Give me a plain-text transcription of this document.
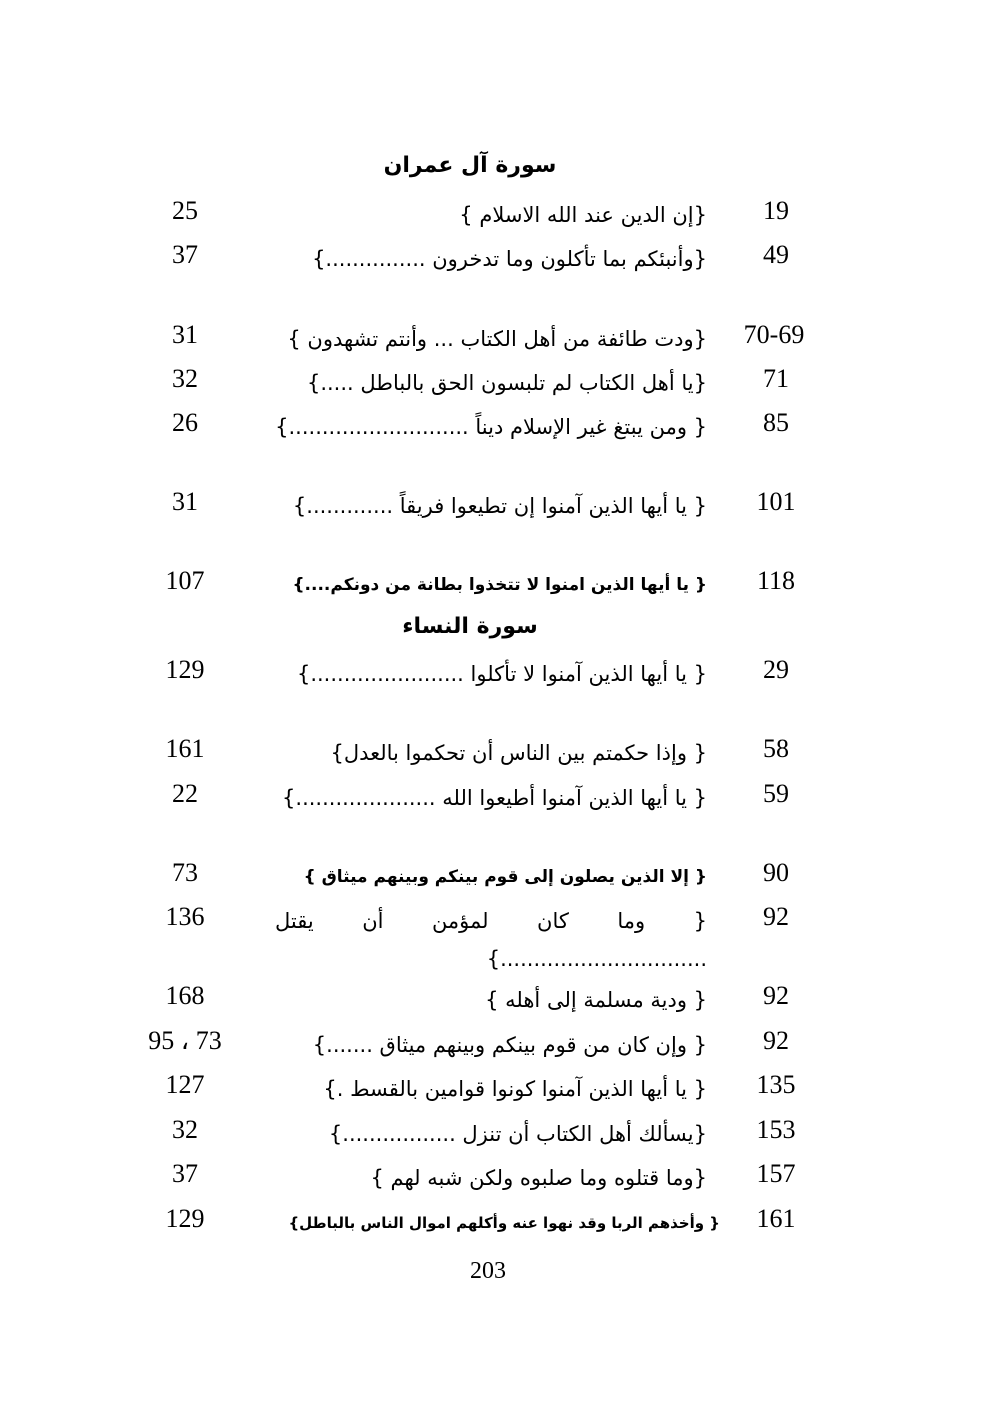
سورة آل عمران
19
{إن الدين عند الله الاسلام }
25
49
{وأنبئكم بما تأكلون وما تدخرون ...............}
37
70-69
{ودت طائفة من أهل الكتاب ... وأنتم تشهدون }
31
71
{يا أهل الكتاب لم تلبسون الحق بالباطل .....}
32
85
{ ومن يبتغ غير الإسلام ديناً ...........................}
26
101
{ يا أيها الذين آمنوا إن تطيعوا فريقاً .............}
31
118
{ يا أيها الذين امنوا لا تتخذوا بطانة من دونكم....}
107
سورة النساء
29
{ يا أيها الذين آمنوا لا تأكلوا .......................}
129
58
{ وإذا حكمتم بين الناس أن تحكموا بالعدل}
161
59
{ يا أيها الذين آمنوا أطيعوا الله .....................}
22
90
{ إلا الذين يصلون إلى قوم بينكم وبينهم ميثاق }
73
92
{ وما كان لمؤمن أن يقتل ...............................}
136
92
{ ودية مسلمة إلى أهله }
168
92
{ وإن كان من قوم بينكم وبينهم ميثاق .......}
73 ، 95
135
{ يا أيها الذين آمنوا كونوا قوامين بالقسط .}
127
153
{يسألك أهل الكتاب أن تنزل .................}
32
157
{وما قتلوه وما صلبوه ولكن شبه لهم }
37
161
{ وأخذهم الربا وقد نهوا عنه وأكلهم اموال الناس بالباطل}
129
203
